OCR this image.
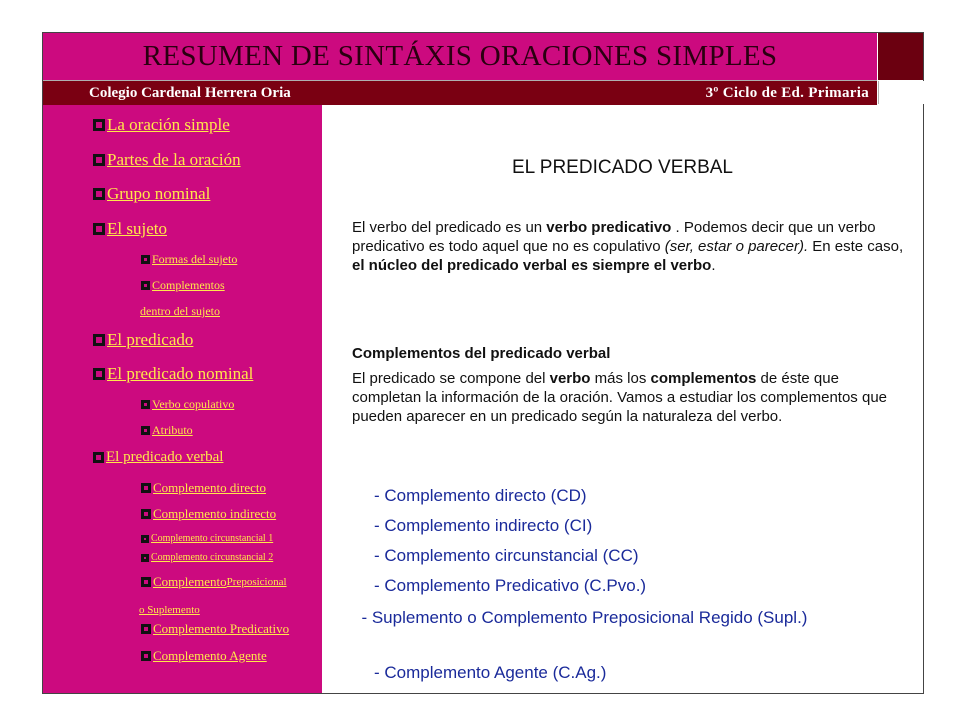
RESUMEN DE SINTÁXIS ORACIONES SIMPLES
Colegio Cardenal Herrera Oria	3º Ciclo de Ed. Primaria
La oración simple
Partes de la oración
Grupo nominal
El sujeto
Formas del sujeto
Complementos
dentro del sujeto
El predicado
El predicado nominal
Verbo copulativo
Atributo
El predicado verbal
Complemento directo
Complemento indirecto
Complemento circunstancial 1
Complemento circunstancial 2
Complemento Preposicional
o Suplemento
Complemento Predicativo
Complemento Agente
EL PREDICADO VERBAL
El verbo del predicado es un verbo predicativo . Podemos decir que un verbo predicativo es todo aquel que no es copulativo (ser, estar o parecer). En este caso, el núcleo del predicado verbal es siempre el verbo.
Complementos del predicado verbal
El predicado se compone del verbo más los complementos de éste que completan la información de la oración. Vamos a estudiar los complementos que pueden aparecer en un predicado según la naturaleza del verbo.
- Complemento directo (CD)
- Complemento indirecto (CI)
- Complemento circunstancial (CC)
- Complemento Predicativo (C.Pvo.)
- Suplemento o Complemento Preposicional Regido (Supl.)
- Complemento Agente (C.Ag.)
